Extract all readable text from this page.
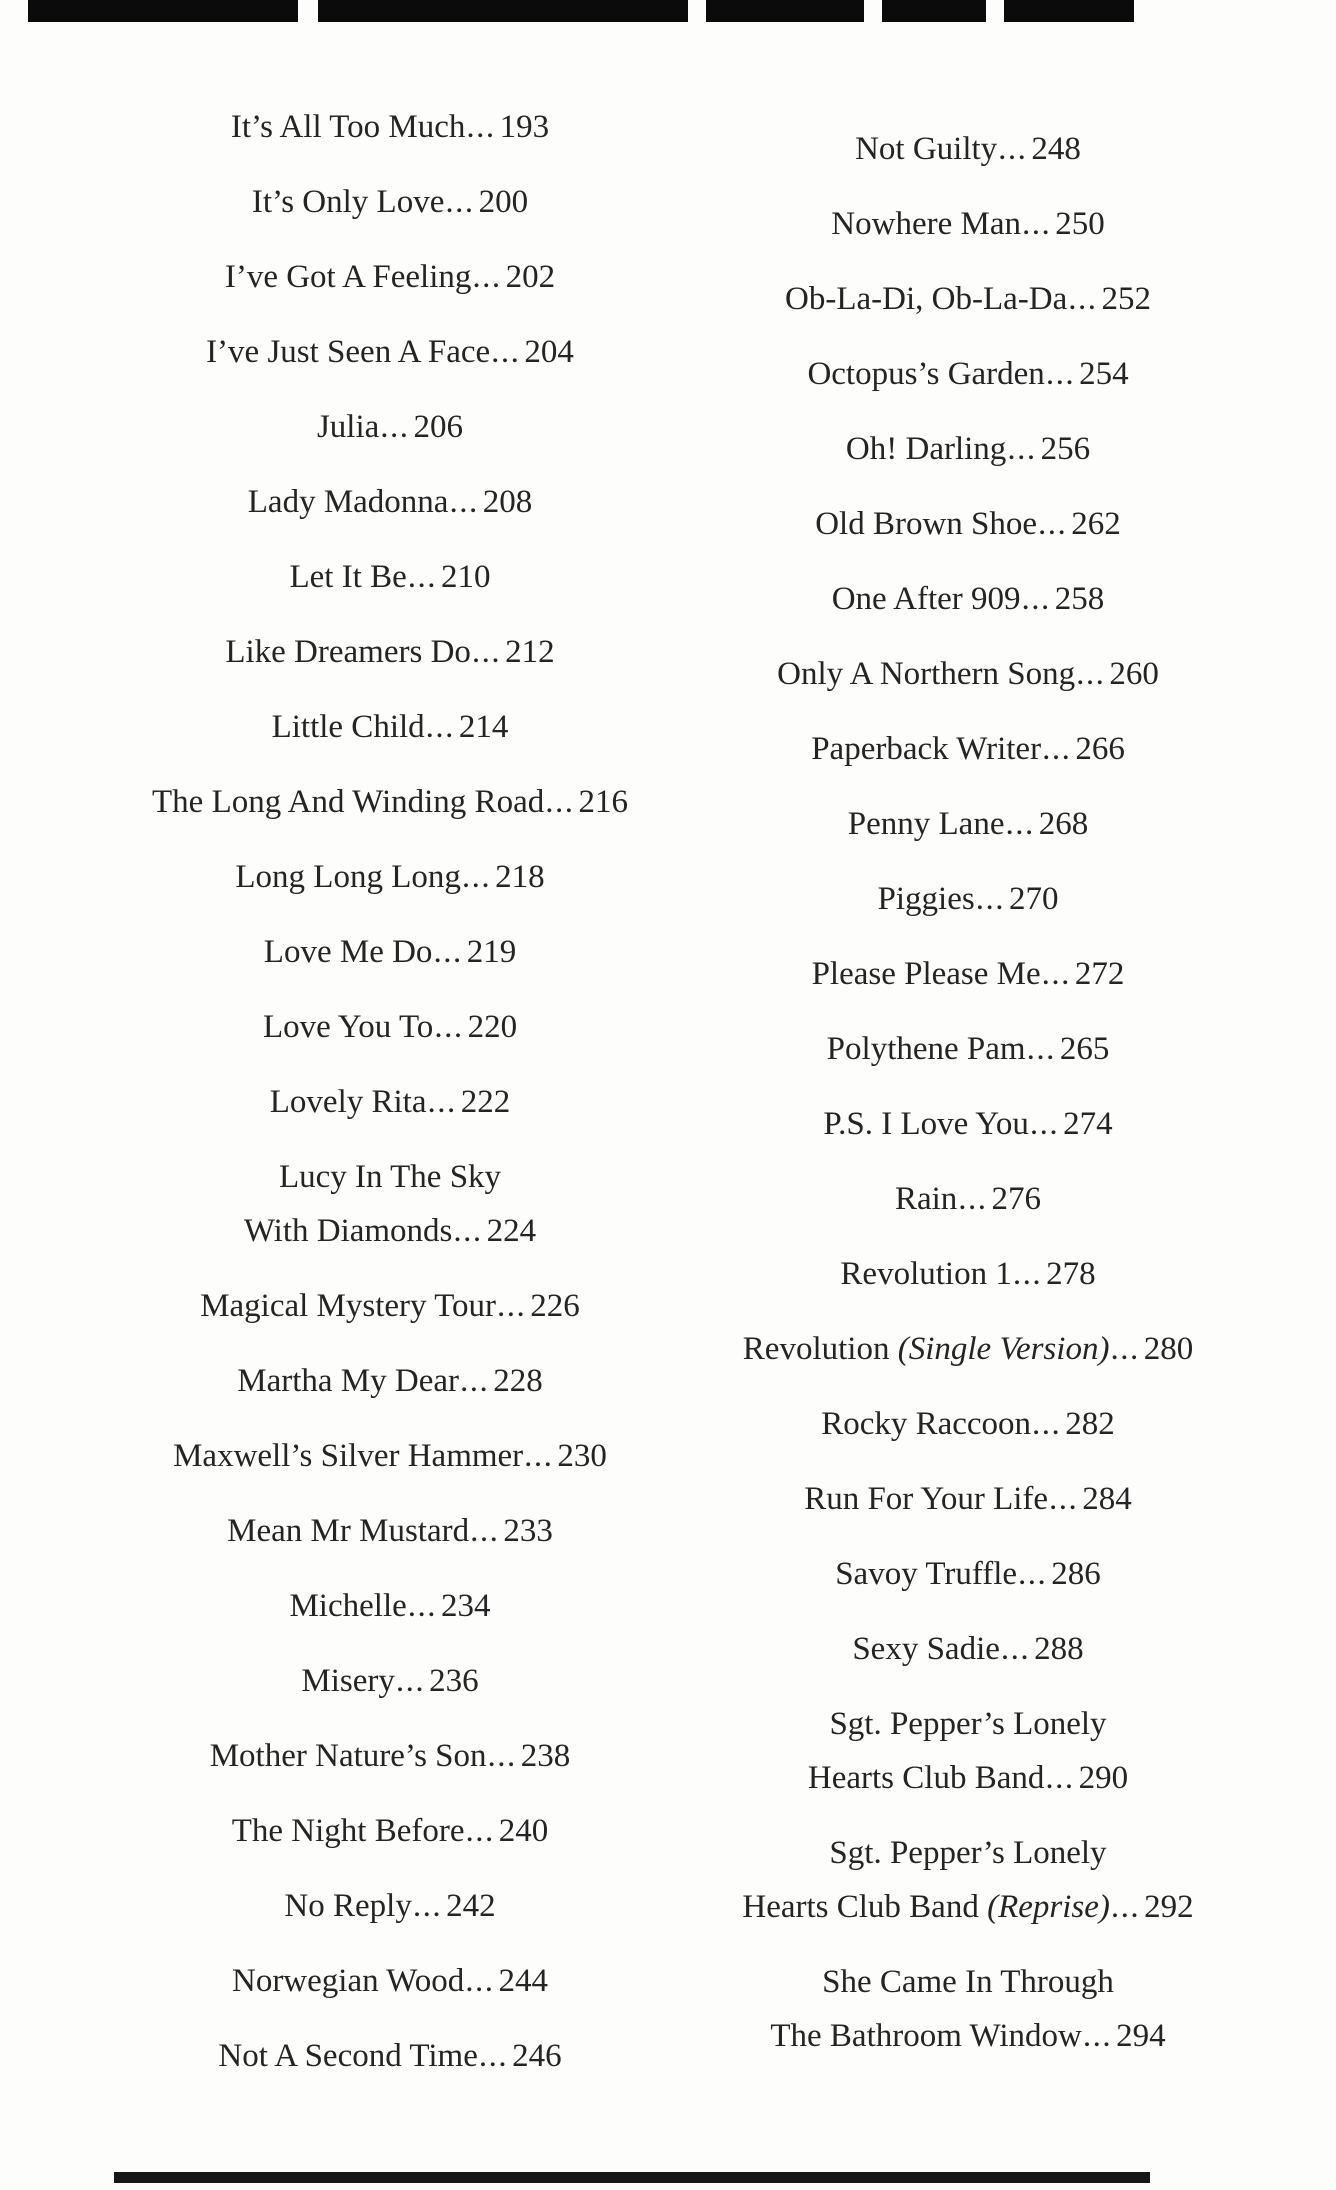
It’s All Too Much... 193
It’s Only Love... 200
I’ve Got A Feeling... 202
I’ve Just Seen A Face... 204
Julia... 206
Lady Madonna... 208
Let It Be... 210
Like Dreamers Do... 212
Little Child... 214
The Long And Winding Road... 216
Long Long Long... 218
Love Me Do... 219
Love You To... 220
Lovely Rita... 222
Lucy In The Sky
With Diamonds... 224
Magical Mystery Tour... 226
Martha My Dear... 228
Maxwell’s Silver Hammer... 230
Mean Mr Mustard... 233
Michelle... 234
Misery... 236
Mother Nature’s Son... 238
The Night Before... 240
No Reply... 242
Norwegian Wood... 244
Not A Second Time... 246
Not Guilty... 248
Nowhere Man... 250
Ob-La-Di, Ob-La-Da... 252
Octopus’s Garden... 254
Oh! Darling... 256
Old Brown Shoe... 262
One After 909... 258
Only A Northern Song... 260
Paperback Writer... 266
Penny Lane... 268
Piggies... 270
Please Please Me... 272
Polythene Pam... 265
P.S. I Love You... 274
Rain... 276
Revolution 1... 278
Revolution (Single Version)... 280
Rocky Raccoon... 282
Run For Your Life... 284
Savoy Truffle... 286
Sexy Sadie... 288
Sgt. Pepper’s Lonely
Hearts Club Band... 290
Sgt. Pepper’s Lonely
Hearts Club Band (Reprise)... 292
She Came In Through
The Bathroom Window... 294
